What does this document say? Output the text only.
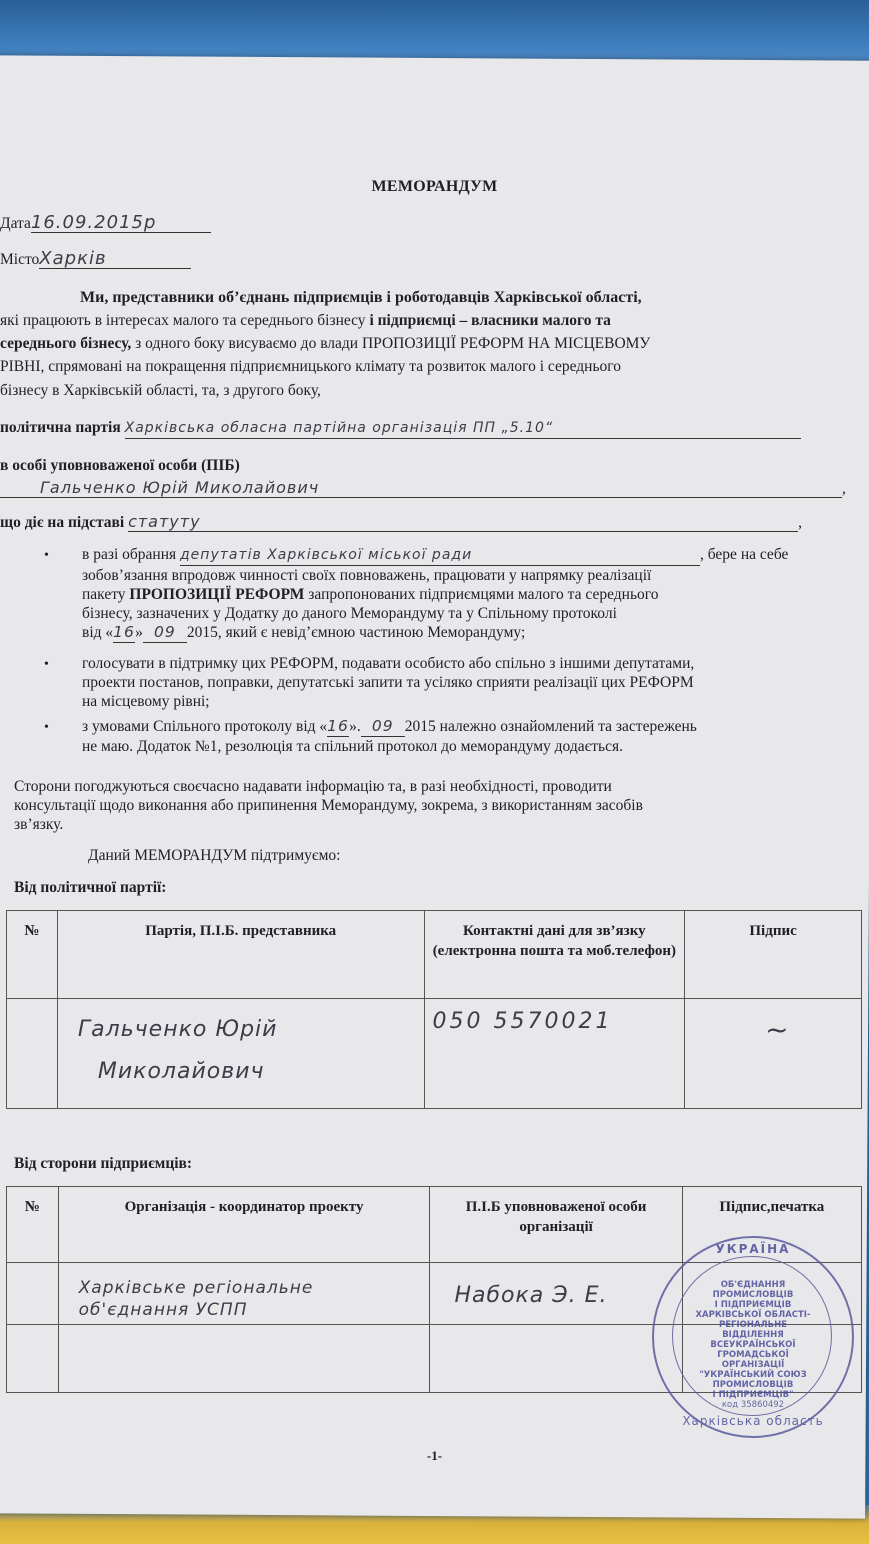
МЕМОРАНДУМ
Дата16.09.2015р
МістоХарків
Ми, представники об’єднань підприємців і роботодавців Харківської області,
які працюють в інтересах малого та середнього бізнесу і підприємці – власники малого та
середнього бізнесу, з одного боку висуваємо до влади ПРОПОЗИЦІЇ РЕФОРМ НА МІСЦЕВОМУ
РІВНІ, спрямовані на покращення підприємницького клімату та розвиток малого і середнього
бізнесу в Харківській області, та, з другого боку,
політична партія Харківська обласна партійна організація ПП „5.10“
в особі уповноваженої особи (ПІБ)
Гальченко Юрій Миколайович	,
що діє на підставі статуту	,
• в разі обрання депутатів Харківської міської ради	, бере на себе
зобов’язання впродовж чинності своїх повноважень, працювати у напрямку реалізації
пакету ПРОПОЗИЦІЇ РЕФОРМ запропонованих підприємцями малого та середнього
бізнесу, зазначених у Додатку до даного Меморандуму та у Спільному протоколі
від «16» 09 2015, який є невід’ємною частиною Меморандуму;
• голосувати в підтримку цих РЕФОРМ, подавати особисто або спільно з іншими депутатами,
проекти постанов, поправки, депутатські запити та усіляко сприяти реалізації цих РЕФОРМ
на місцевому рівні;
• з умовами Спільного протоколу від «16». 09 2015 належно ознайомлений та застережень
не маю. Додаток №1, резолюція та спільний протокол до меморандуму додається.
Сторони погоджуються своєчасно надавати інформацію та, в разі необхідності, проводити
консультації щодо виконання або припинення Меморандуму, зокрема, з використанням засобів
зв’язку.
Даний МЕМОРАНДУМ підтримуємо:
Від політичної партії:
№	Партія, П.І.Б. представника	Контактні дані для зв’язку (електронна пошта та моб.телефон)	Підпис

	Гальченко Юрій
Миколайович	050 5570021	~
Від сторони підприємців:
№	Організація - координатор проекту	П.І.Б уповноваженої особи організації	Підпис,печатка

	Харківське регіональне
об'єднання УСПП	Набока Э. Е.	

УКРАЇНА
ОБ'ЄДНАННЯ
ПРОМИСЛОВЦІВ
І ПІДПРИЄМЦІВ
ХАРКІВСЬКОЇ ОБЛАСТІ-
РЕГІОНАЛЬНЕ ВІДДІЛЕННЯ
ВСЕУКРАЇНСЬКОЇ
ГРОМАДСЬКОЇ ОРГАНІЗАЦІЇ
"УКРАЇНСЬКИЙ СОЮЗ
ПРОМИСЛОВЦІВ
І ПІДПРИЄМЦІВ"
код 35860492
Харківська область
-1-
